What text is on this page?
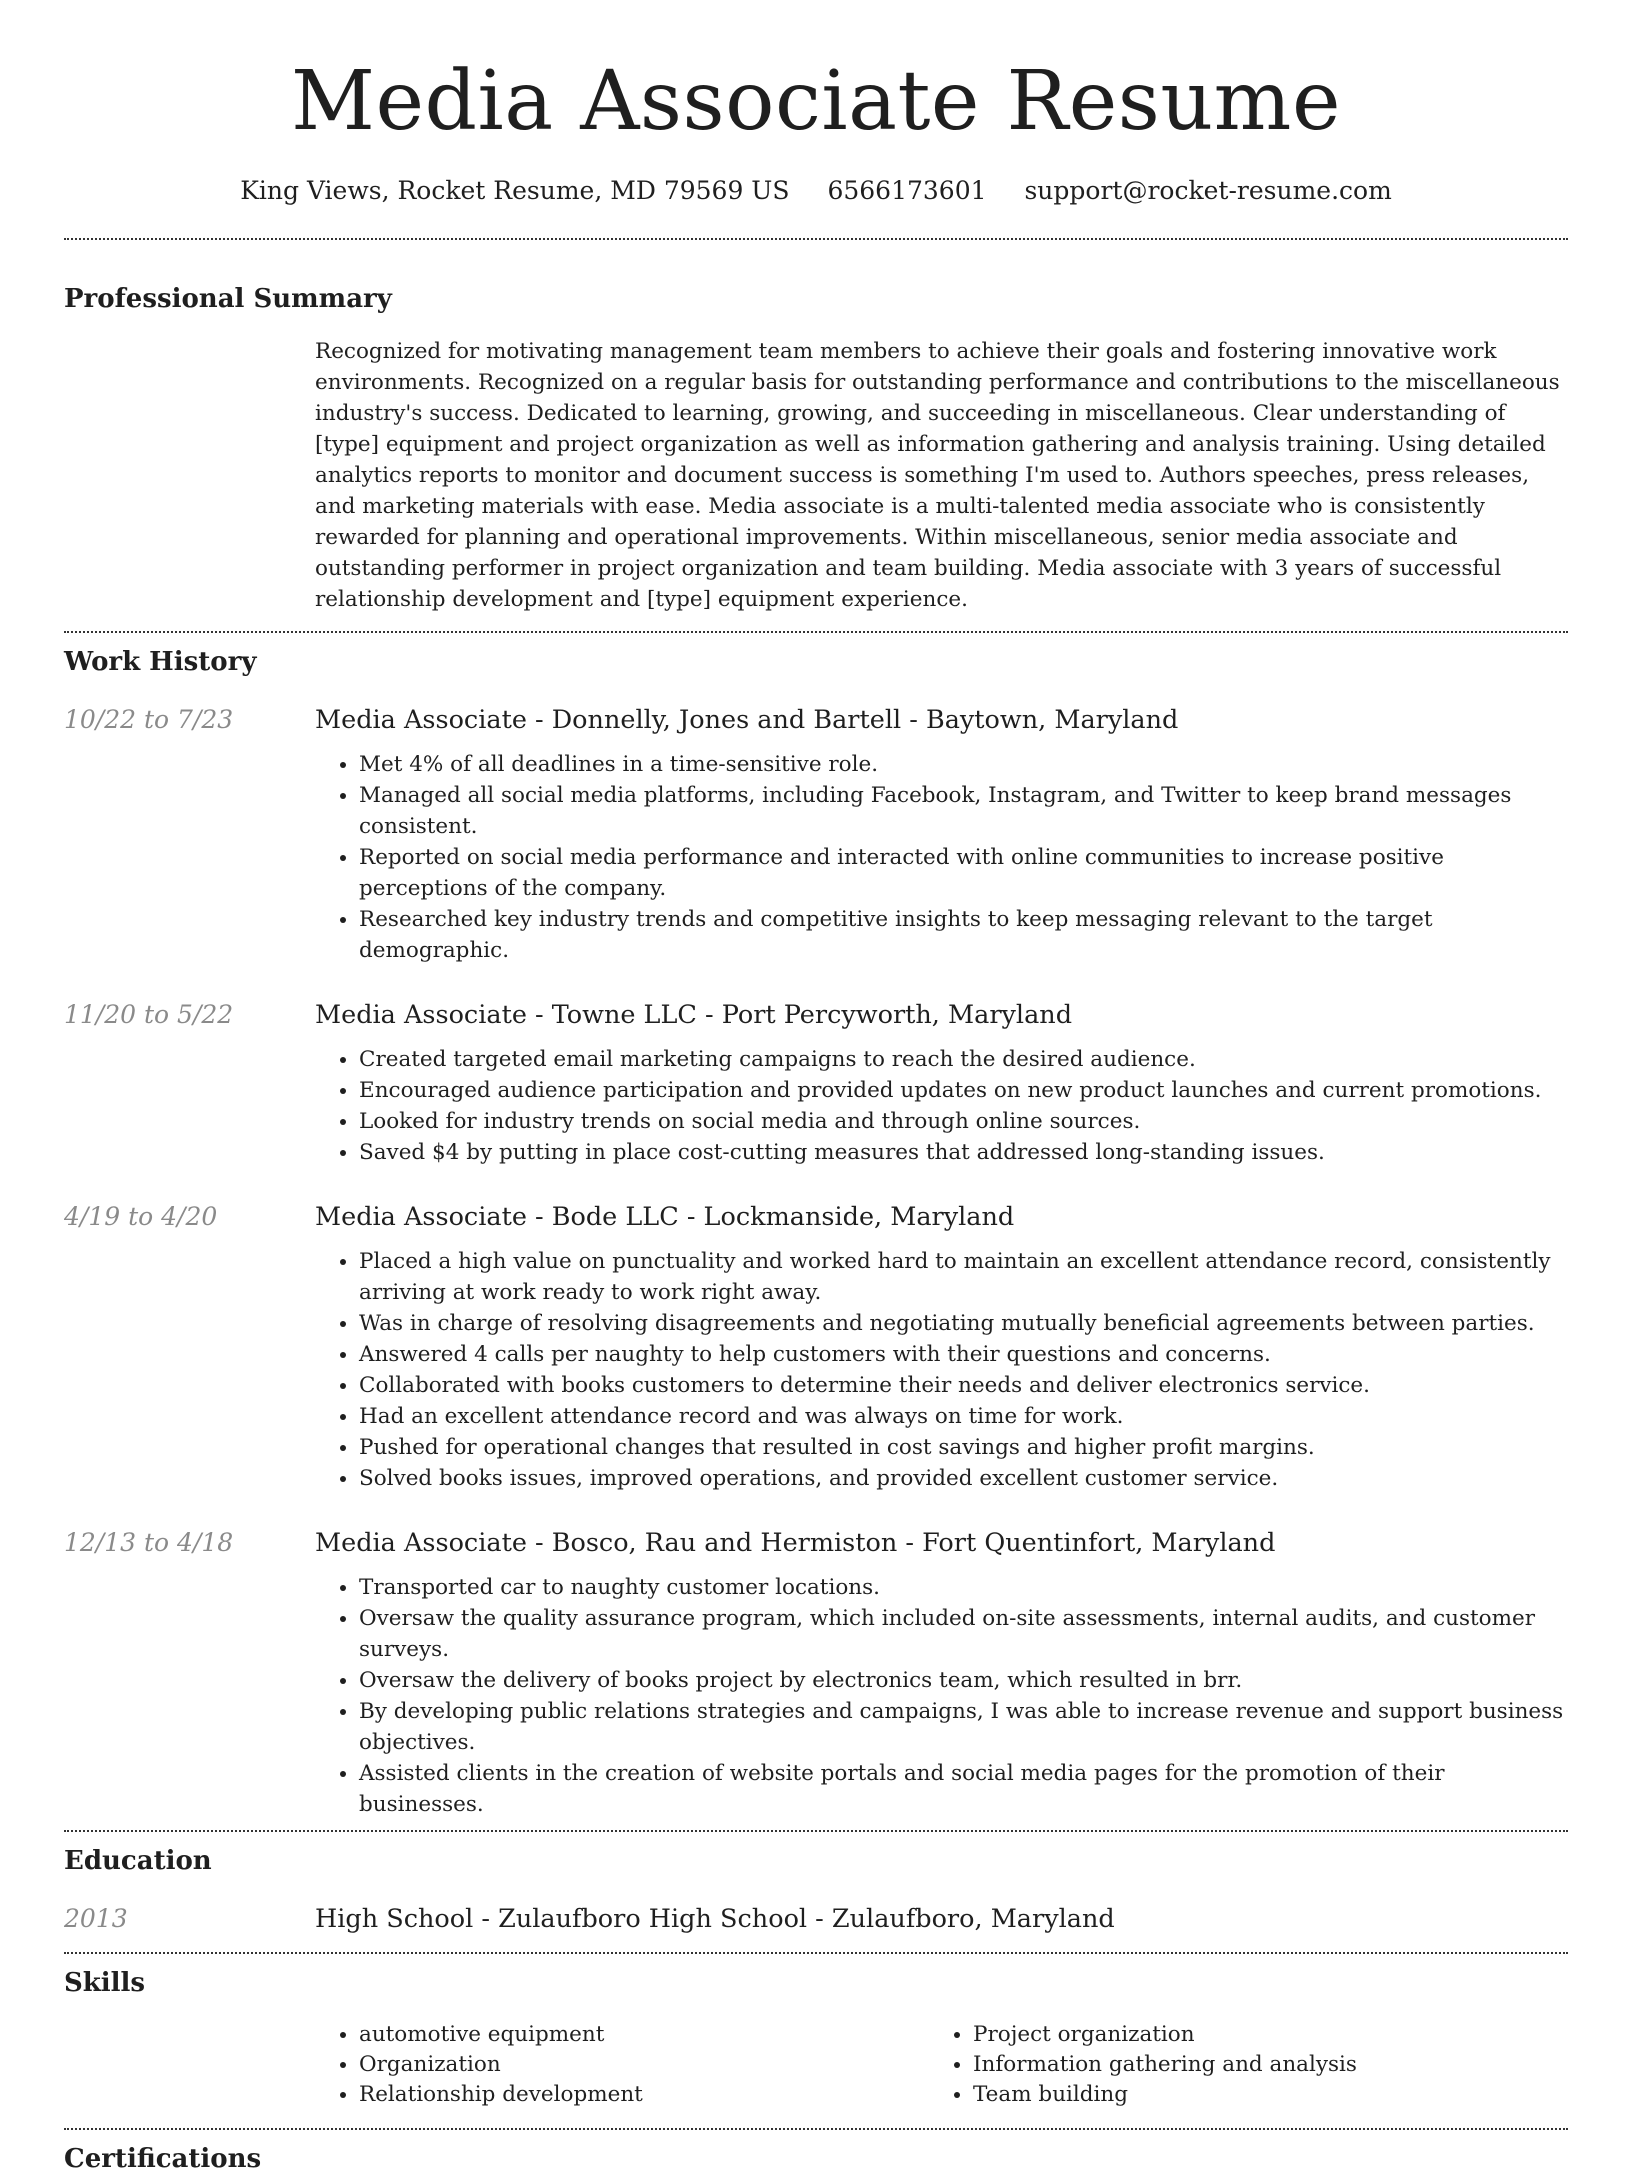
Media Associate Resume
King Views, Rocket Resume, MD 79569 US 6566173601 support@rocket-resume.com
Professional Summary
Recognized for motivating management team members to achieve their goals and fostering innovative work environments. Recognized on a regular basis for outstanding performance and contributions to the miscellaneous industry's success. Dedicated to learning, growing, and succeeding in miscellaneous. Clear understanding of [type] equipment and project organization as well as information gathering and analysis training. Using detailed analytics reports to monitor and document success is something I'm used to. Authors speeches, press releases, and marketing materials with ease. Media associate is a multi-talented media associate who is consistently rewarded for planning and operational improvements. Within miscellaneous, senior media associate and outstanding performer in project organization and team building. Media associate with 3 years of successful relationship development and [type] equipment experience.
Work History
10/22 to 7/23	Media Associate - Donnelly, Jones and Bartell - Baytown, Maryland
• Met 4% of all deadlines in a time-sensitive role.
• Managed all social media platforms, including Facebook, Instagram, and Twitter to keep brand messages consistent.
• Reported on social media performance and interacted with online communities to increase positive perceptions of the company.
• Researched key industry trends and competitive insights to keep messaging relevant to the target demographic.
11/20 to 5/22	Media Associate - Towne LLC - Port Percyworth, Maryland
• Created targeted email marketing campaigns to reach the desired audience.
• Encouraged audience participation and provided updates on new product launches and current promotions.
• Looked for industry trends on social media and through online sources.
• Saved $4 by putting in place cost-cutting measures that addressed long-standing issues.
4/19 to 4/20	Media Associate - Bode LLC - Lockmanside, Maryland
• Placed a high value on punctuality and worked hard to maintain an excellent attendance record, consistently arriving at work ready to work right away.
• Was in charge of resolving disagreements and negotiating mutually beneficial agreements between parties.
• Answered 4 calls per naughty to help customers with their questions and concerns.
• Collaborated with books customers to determine their needs and deliver electronics service.
• Had an excellent attendance record and was always on time for work.
• Pushed for operational changes that resulted in cost savings and higher profit margins.
• Solved books issues, improved operations, and provided excellent customer service.
12/13 to 4/18	Media Associate - Bosco, Rau and Hermiston - Fort Quentinfort, Maryland
• Transported car to naughty customer locations.
• Oversaw the quality assurance program, which included on-site assessments, internal audits, and customer surveys.
• Oversaw the delivery of books project by electronics team, which resulted in brr.
• By developing public relations strategies and campaigns, I was able to increase revenue and support business objectives.
• Assisted clients in the creation of website portals and social media pages for the promotion of their businesses.
Education
2013	High School - Zulaufboro High School - Zulaufboro, Maryland
Skills
• automotive equipment
• Organization
• Relationship development
• Project organization
• Information gathering and analysis
• Team building
Certifications
